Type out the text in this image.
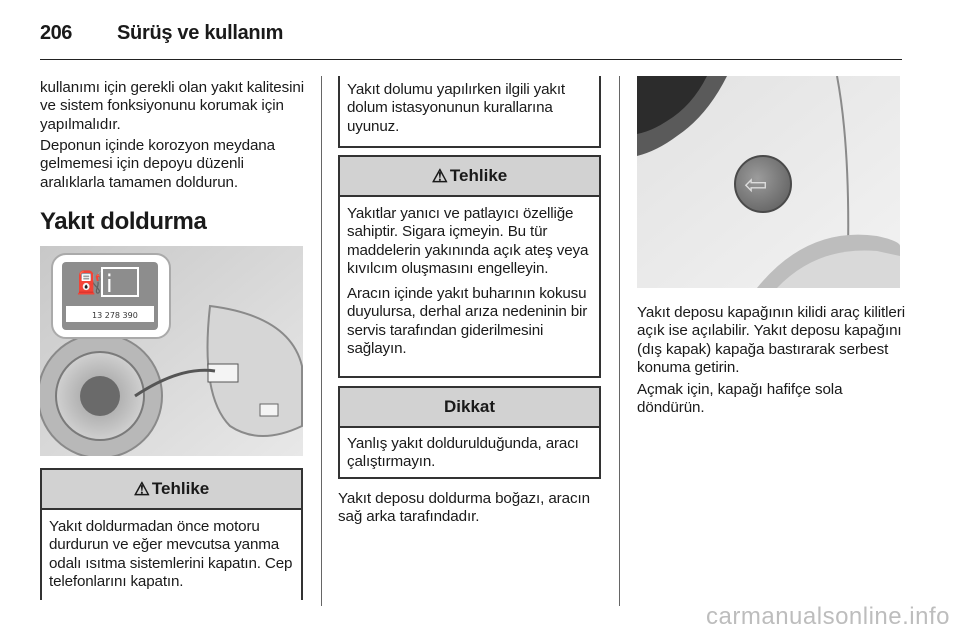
206 Sürüş ve kullanım
kullanımı için gerekli olan yakıt kalitesini ve sistem fonksiyonunu korumak için yapılmalıdır.
Deponun içinde korozyon meydana gelmemesi için depoyu düzenli aralıklarla tamamen doldurun.
Yakıt doldurma
⛽ i
13 278 390
⚠ Tehlike
Yakıt doldurmadan önce motoru durdurun ve eğer mevcutsa yanma odalı ısıtma sistemlerini kapatın. Cep telefonlarını kapatın.
Yakıt dolumu yapılırken ilgili yakıt dolum istasyonunun kurallarına uyunuz.
⚠ Tehlike

Yakıtlar yanıcı ve patlayıcı özelliğe sahiptir. Sigara içmeyin. Bu tür maddelerin yakınında açık ateş veya kıvılcım oluşmasını engelleyin.

Aracın içinde yakıt buharının kokusu duyulursa, derhal arıza nedeninin bir servis tarafından giderilmesini sağlayın.

Dikkat
Yanlış yakıt doldurulduğunda, aracı çalıştırmayın.
Yakıt deposu doldurma boğazı, aracın sağ arka tarafındadır.
⇦
Yakıt deposu kapağının kilidi araç kilitleri açık ise açılabilir. Yakıt deposu kapağını (dış kapak) kapağa bastırarak serbest konuma getirin.
Açmak için, kapağı hafifçe sola döndürün.
carmanualsonline.info
